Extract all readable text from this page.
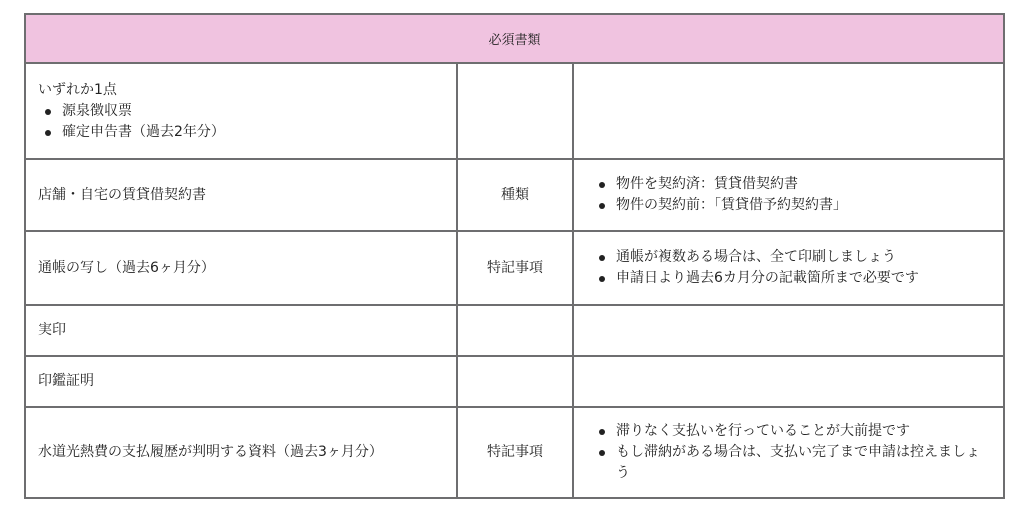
必須書類
いずれか1点
源泉徴収票
確定申告書（過去2年分）
店舗・自宅の賃貸借契約書	種類
物件を契約済：賃貸借契約書
物件の契約前：｢賃貸借予約契約書｣
通帳の写し（過去6ヶ月分）	特記事項
通帳が複数ある場合は、全て印刷しましょう
申請日より過去6カ月分の記載箇所まで必要です
実印
印鑑証明
水道光熱費の支払履歴が判明する資料（過去3ヶ月分）	特記事項
滞りなく支払いを行っていることが大前提です
もし滞納がある場合は、支払い完了まで申請は控えましょう
